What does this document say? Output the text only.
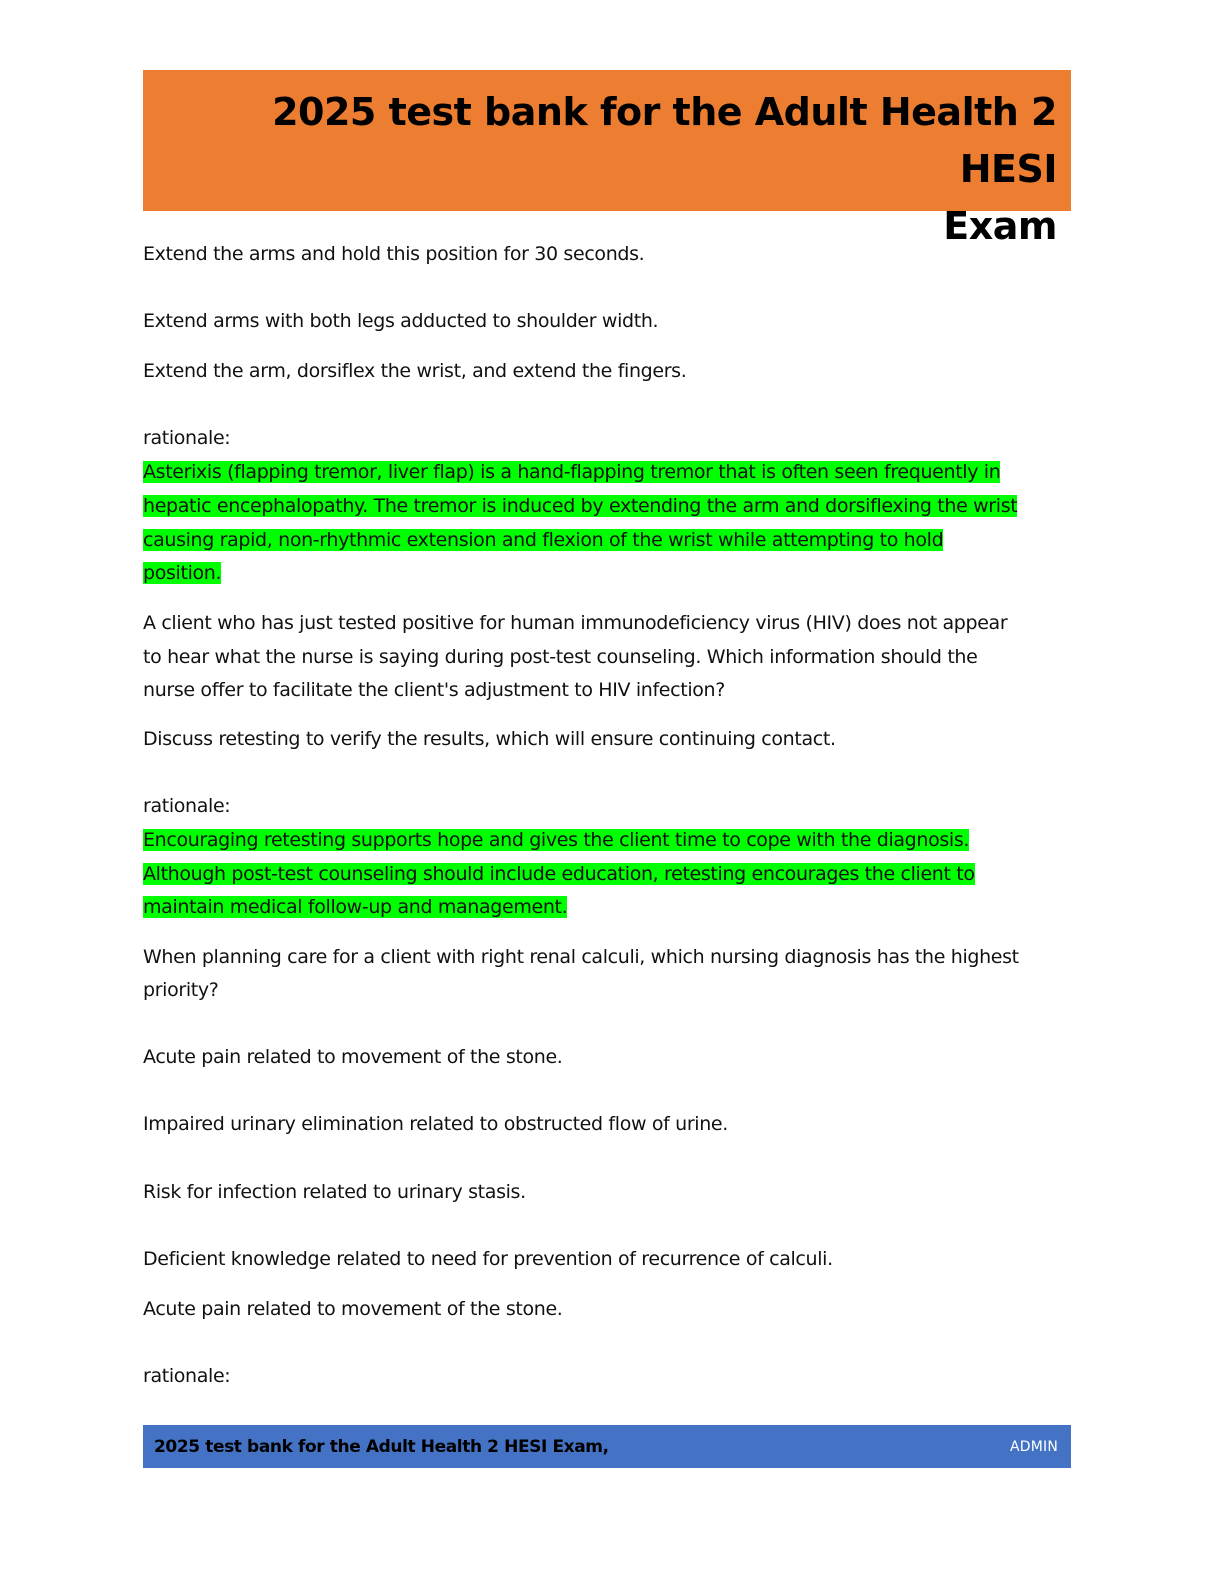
2025 test bank for the Adult Health 2 HESI
Exam

Extend the arms and hold this position for 30 seconds.

Extend arms with both legs adducted to shoulder width.

Extend the arm, dorsiflex the wrist, and extend the fingers.

rationale:

Asterixis (flapping tremor, liver flap) is a hand-flapping tremor that is often seen frequently in

hepatic encephalopathy. The tremor is induced by extending the arm and dorsiflexing the wrist

causing rapid, non-rhythmic extension and flexion of the wrist while attempting to hold

position.

A client who has just tested positive for human immunodeficiency virus (HIV) does not appear

to hear what the nurse is saying during post-test counseling. Which information should the

nurse offer to facilitate the client's adjustment to HIV infection?

Discuss retesting to verify the results, which will ensure continuing contact.

rationale:

Encouraging retesting supports hope and gives the client time to cope with the diagnosis.

Although post-test counseling should include education, retesting encourages the client to

maintain medical follow-up and management.

When planning care for a client with right renal calculi, which nursing diagnosis has the highest

priority?

Acute pain related to movement of the stone.

Impaired urinary elimination related to obstructed flow of urine.

Risk for infection related to urinary stasis.

Deficient knowledge related to need for prevention of recurrence of calculi.

Acute pain related to movement of the stone.

rationale:

2025 test bank for the Adult Health 2 HESI Exam,	ADMIN
